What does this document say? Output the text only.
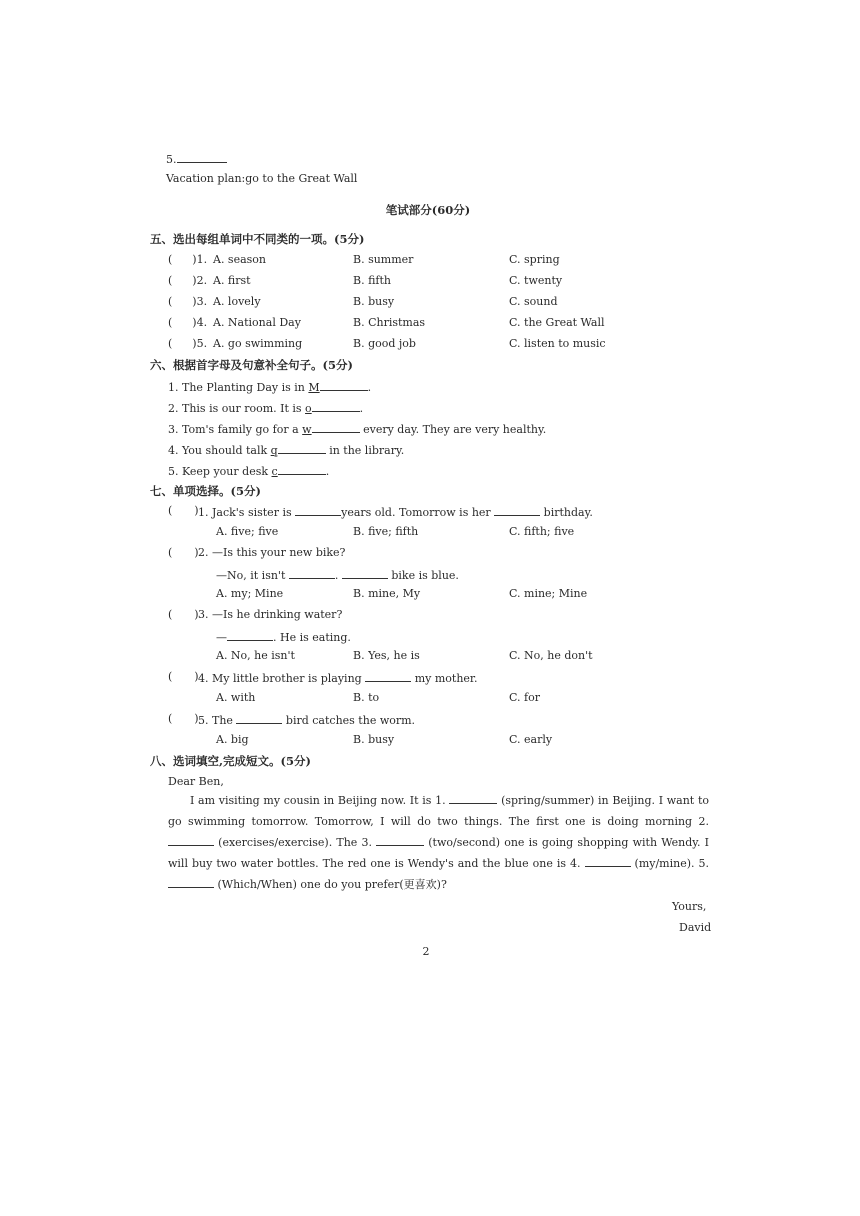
5.
Vacation plan:go to the Great Wall
笔试部分(60分)
五、选出每组单词中不同类的一项。(5分)
( )1. A. season	B. summer	C. spring
( )2. A. first	B. fifth	C. twenty
( )3. A. lovely	B. busy	C. sound
( )4. A. National Day	B. Christmas	C. the Great Wall
( )5. A. go swimming	B. good job	C. listen to music
六、根据首字母及句意补全句子。(5分)
1. The Planting Day is in M	.
2. This is our room. It is o	.
3. Tom's family go for a w	every day. They are very healthy.
4. You should talk q	in the library.
5. Keep your desk c	.
七、单项选择。(5分)
( ) 1. Jack's sister is	years old. Tomorrow is her	birthday.
A. five; five	B. five; fifth	C. fifth; five
( ) 2. —Is this your new bike?
—No, it isn't	.	bike is blue.
A. my; Mine	B. mine, My	C. mine; Mine
( ) 3. —Is he drinking water?
—	. He is eating.
A. No, he isn't	B. Yes, he is	C. No, he don't
( ) 4. My little brother is playing	my mother.
A. with	B. to	C. for
( ) 5. The	bird catches the worm.
A. big	B. busy	C. early
八、选词填空,完成短文。(5分)
Dear Ben,
I am visiting my cousin in Beijing now. It is 1.	(spring/summer) in Beijing. I want to go swimming tomorrow. Tomorrow, I will do two things. The first one is doing morning 2.  (exercises/exercise). The 3.	(two/second) one is going shopping with Wendy. I will buy two water bottles. The red one is Wendy's and the blue one is 4.	(my/mine). 5.  (Which/When) one do you prefer(更喜欢)?
Yours,
David
2
